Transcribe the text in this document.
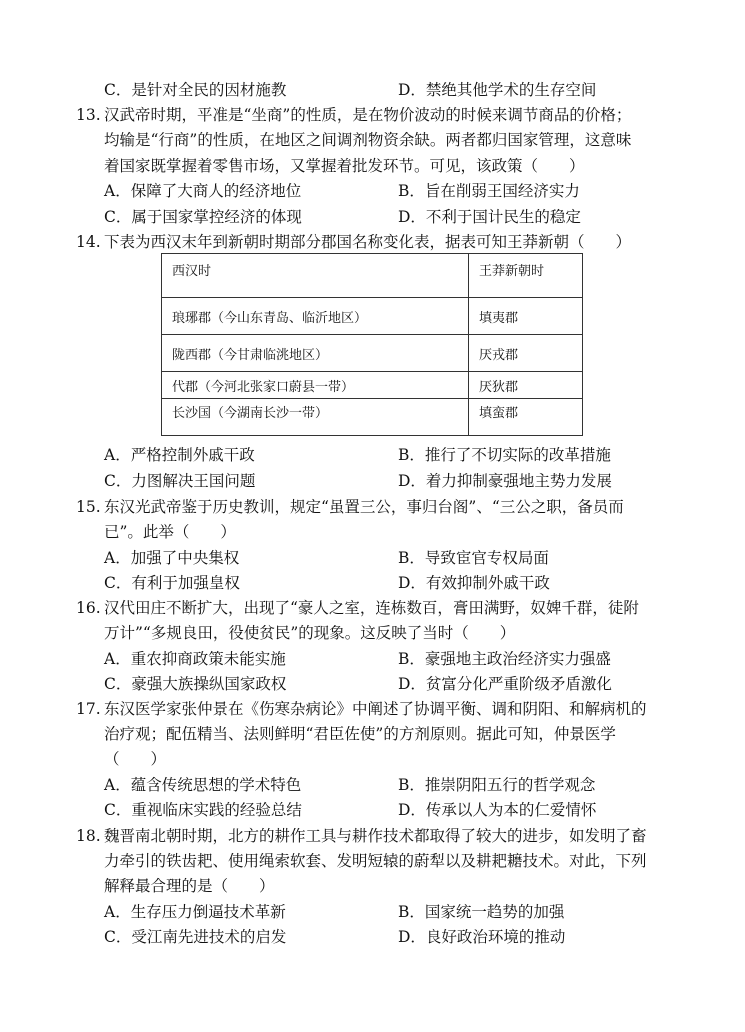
C．是针对全民的因材施教	D．禁绝其他学术的生存空间
13. 汉武帝时期，平准是“坐商”的性质，是在物价波动的时候来调节商品的价格；
均输是“行商”的性质，在地区之间调剂物资余缺。两者都归国家管理，这意味
着国家既掌握着零售市场，又掌握着批发环节。可见，该政策（　　）
A．保障了大商人的经济地位	B．旨在削弱王国经济实力
C．属于国家掌控经济的体现	D．不利于国计民生的稳定
14. 下表为西汉末年到新朝时期部分郡国名称变化表，据表可知王莽新朝（　　）
西汉时	王莽新朝时
琅琊郡（今山东青岛、临沂地区）	填夷郡
陇西郡（今甘肃临洮地区）	厌戎郡
代郡（今河北张家口蔚县一带）	厌狄郡
长沙国（今湖南长沙一带）	填蛮郡
A．严格控制外戚干政	B．推行了不切实际的改革措施
C．力图解决王国问题	D．着力抑制豪强地主势力发展
15. 东汉光武帝鉴于历史教训，规定“虽置三公，事归台阁”、“三公之职，备员而
已”。此举（　　）
A．加强了中央集权	B．导致宦官专权局面
C．有利于加强皇权	D．有效抑制外戚干政
16. 汉代田庄不断扩大，出现了“豪人之室，连栋数百，膏田满野，奴婢千群，徒附
万计”“多规良田，役使贫民”的现象。这反映了当时（　　）
A．重农抑商政策未能实施	B．豪强地主政治经济实力强盛
C．豪强大族操纵国家政权	D．贫富分化严重阶级矛盾激化
17. 东汉医学家张仲景在《伤寒杂病论》中阐述了协调平衡、调和阴阳、和解病机的
治疗观；配伍精当、法则鲜明“君臣佐使”的方剂原则。据此可知，仲景医学
（　　）
A．蕴含传统思想的学术特色	B．推崇阴阳五行的哲学观念
C．重视临床实践的经验总结	D．传承以人为本的仁爱情怀
18. 魏晋南北朝时期，北方的耕作工具与耕作技术都取得了较大的进步，如发明了畜
力牵引的铁齿耙、使用绳索软套、发明短辕的蔚犁以及耕耙耱技术。对此，下列
解释最合理的是（　　）
A．生存压力倒逼技术革新	B．国家统一趋势的加强
C．受江南先进技术的启发	D．良好政治环境的推动
